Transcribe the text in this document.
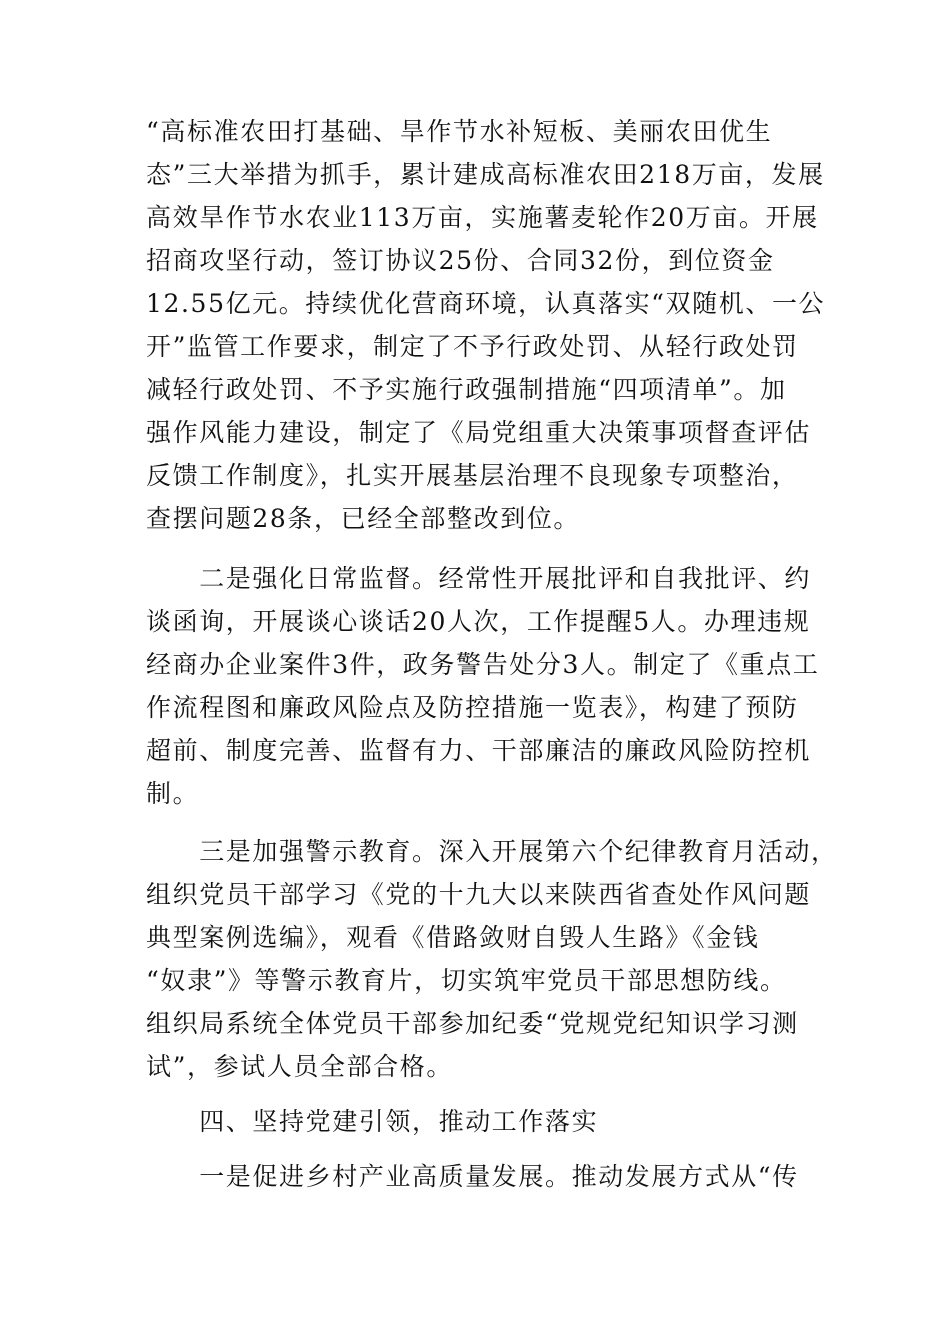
“高标准农田打基础、旱作节水补短板、美丽农田优生
态”三大举措为抓手，累计建成高标准农田218万亩，发展
高效旱作节水农业113万亩，实施薯麦轮作20万亩。开展
招商攻坚行动，签订协议25份、合同32份，到位资金
12.55亿元。持续优化营商环境，认真落实“双随机、一公
开”监管工作要求，制定了不予行政处罚、从轻行政处罚
减轻行政处罚、不予实施行政强制措施“四项清单”。加
强作风能力建设，制定了《局党组重大决策事项督查评估
反馈工作制度》，扎实开展基层治理不良现象专项整治，
查摆问题28条，已经全部整改到位。
　　二是强化日常监督。经常性开展批评和自我批评、约
谈函询，开展谈心谈话20人次，工作提醒5人。办理违规
经商办企业案件3件，政务警告处分3人。制定了《重点工
作流程图和廉政风险点及防控措施一览表》，构建了预防
超前、制度完善、监督有力、干部廉洁的廉政风险防控机
制。
　　三是加强警示教育。深入开展第六个纪律教育月活动，
组织党员干部学习《党的十九大以来陕西省查处作风问题
典型案例选编》，观看《借路敛财自毁人生路》《金钱
“奴隶”》等警示教育片，切实筑牢党员干部思想防线。
组织局系统全体党员干部参加纪委“党规党纪知识学习测
试”，参试人员全部合格。
　　四、坚持党建引领，推动工作落实
　　一是促进乡村产业高质量发展。推动发展方式从“传
